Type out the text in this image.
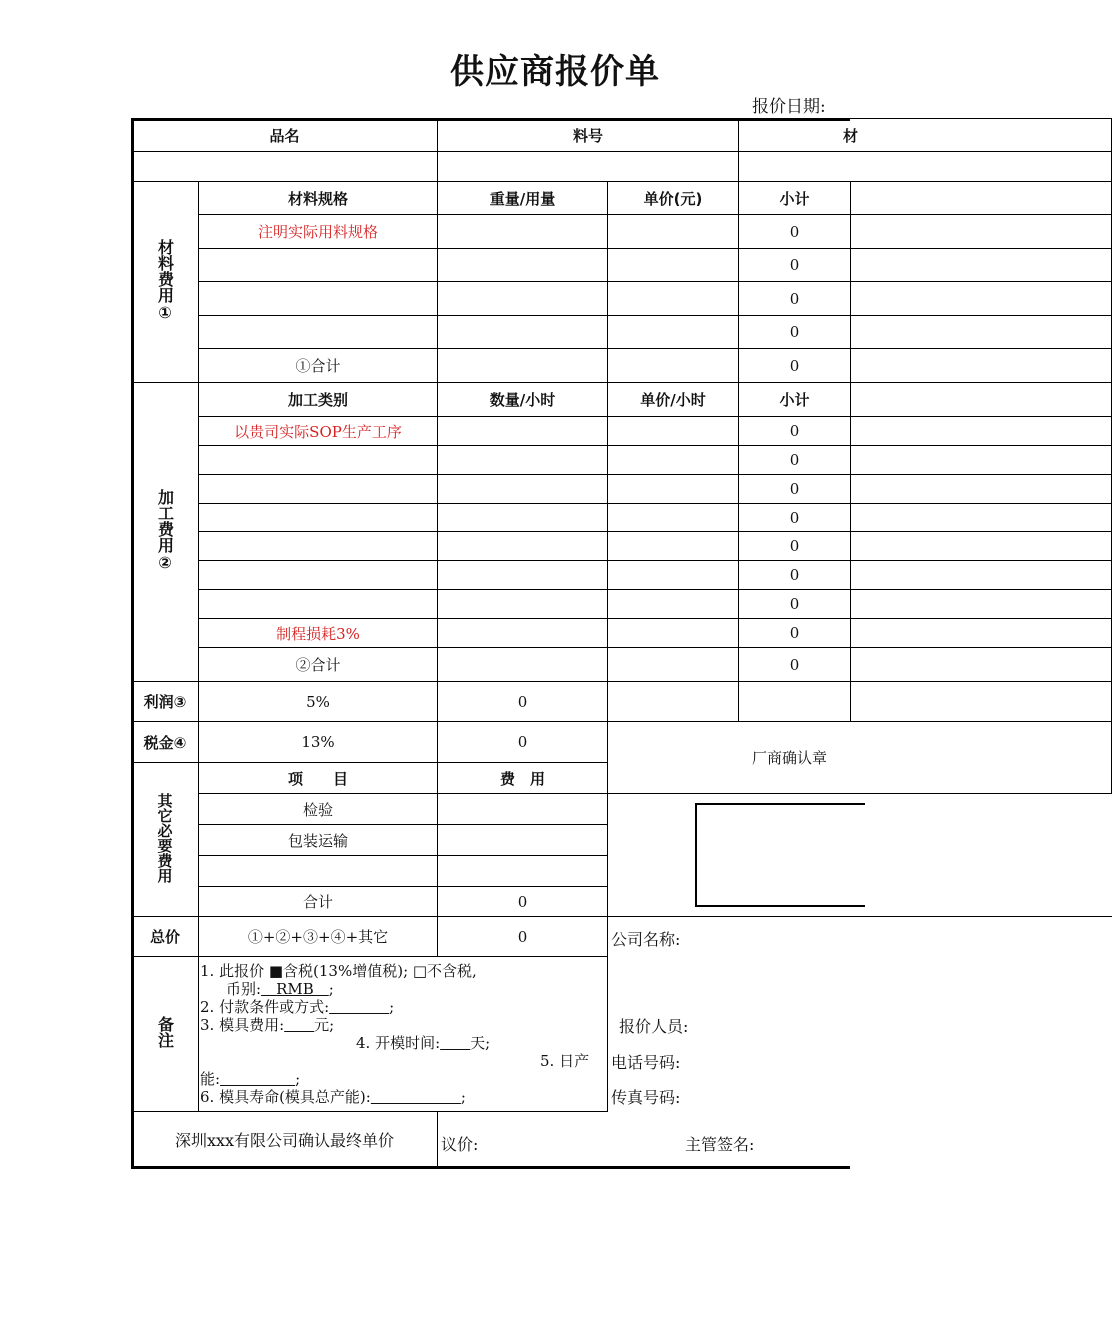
供应商报价单
报价日期:
品名		料号		材	

材料费用①	材料规格	重量/用量	单价(元)	小计	
	注明实际用料规格			0	
				0	
				0	
				0	
	①合计			0	
加工费用②	加工类别	数量/小时	单价/小时	小计	
	以贵司实际SOP生产工序			0	
				0	
				0	
				0	
				0	
				0	
				0	
	制程损耗3%			0	
	②合计			0	
利润③	5%	0			
税金④	13%	0	厂商确认章		
其它必要费用	项　　目	费　用			
	检验				
	包装运输				

	合计	0			
总价	①+②+③+④+其它	0			
备注					
深圳xxx有限公司确认最终单价					
1. 此报价 ■含税(13%增值税); □不含税,
币别:　RMB　;
2. 付款条件或方式:　　　　	;
3. 模具费用:　　 元;
4. 开模时间:　　 天;
5. 日产
能:　　　　　	;
6. 模具寿命(模具总产能):　　　　　　	;
公司名称:
报价人员:
电话号码:
传真号码:
议价:	主管签名:
